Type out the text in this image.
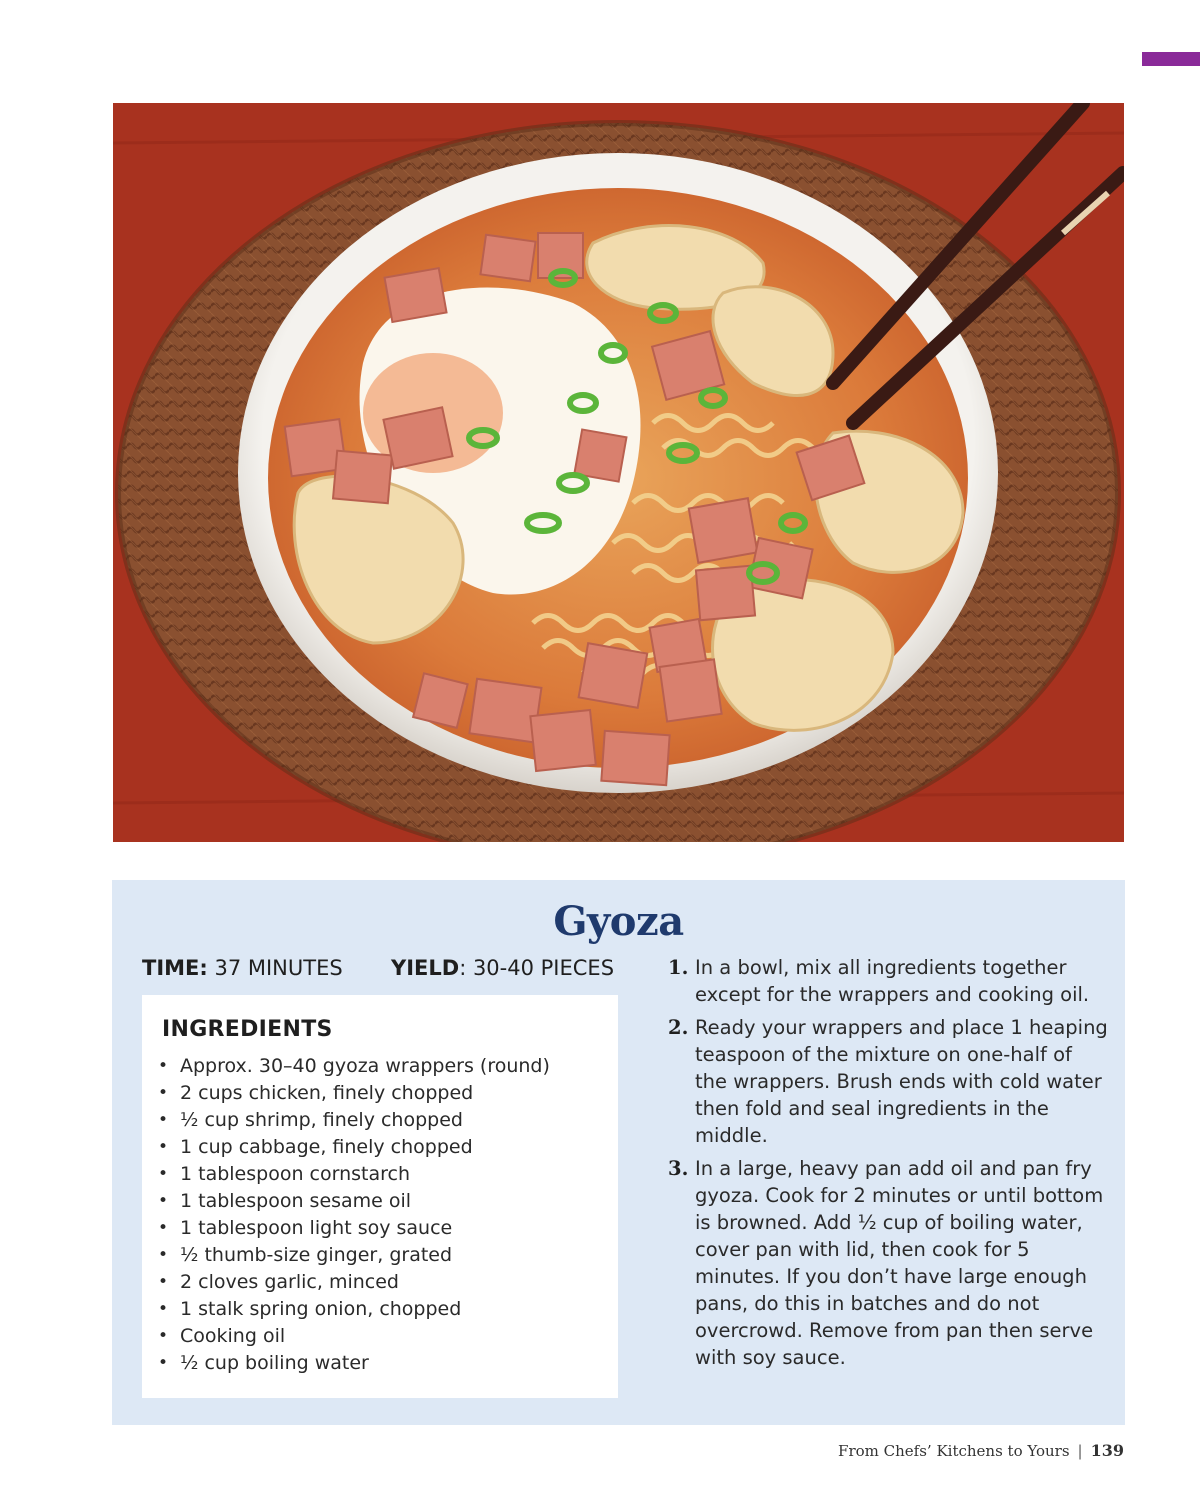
Gyoza
TIME: 37 MINUTES YIELD: 30-40 PIECES
INGREDIENTS
• Approx. 30–40 gyoza wrappers (round)
• 2 cups chicken, finely chopped
• ½ cup shrimp, finely chopped
• 1 cup cabbage, finely chopped
• 1 tablespoon cornstarch
• 1 tablespoon sesame oil
• 1 tablespoon light soy sauce
• ½ thumb-size ginger, grated
• 2 cloves garlic, minced
• 1 stalk spring onion, chopped
• Cooking oil
• ½ cup boiling water
1. In a bowl, mix all ingredients together except for the wrappers and cooking oil.
2. Ready your wrappers and place 1 heaping teaspoon of the mixture on one-half of the wrappers. Brush ends with cold water then fold and seal ingredients in the middle.
3. In a large, heavy pan add oil and pan fry gyoza. Cook for 2 minutes or until bottom is browned. Add ½ cup of boiling water, cover pan with lid, then cook for 5 minutes. If you don’t have large enough pans, do this in batches and do not overcrowd. Remove from pan then serve with soy sauce.
From Chefs’ Kitchens to Yours | 139
